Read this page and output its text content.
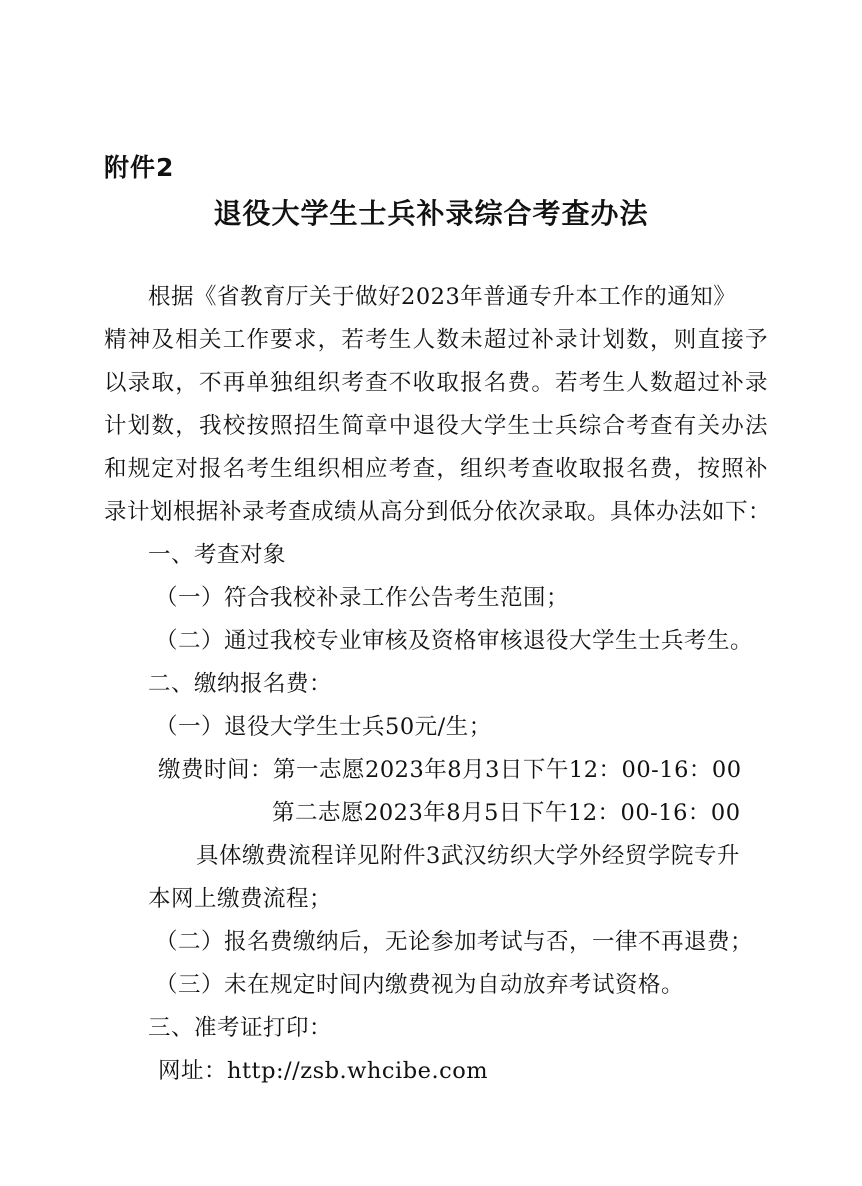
附件2
退役大学生士兵补录综合考查办法
根据《省教育厅关于做好2023年普通专升本工作的通知》
精神及相关工作要求，若考生人数未超过补录计划数，则直接予
以录取，不再单独组织考查不收取报名费。若考生人数超过补录
计划数，我校按照招生简章中退役大学生士兵综合考查有关办法
和规定对报名考生组织相应考查，组织考查收取报名费，按照补
录计划根据补录考查成绩从高分到低分依次录取。具体办法如下：
一、考查对象
（一）符合我校补录工作公告考生范围；
（二）通过我校专业审核及资格审核退役大学生士兵考生。
二、缴纳报名费：
（一）退役大学生士兵50元/生；
缴费时间：第一志愿2023年8月3日下午12：00-16：00
第二志愿2023年8月5日下午12：00-16：00
具体缴费流程详见附件3武汉纺织大学外经贸学院专升
本网上缴费流程；
（二）报名费缴纳后，无论参加考试与否，一律不再退费；
（三）未在规定时间内缴费视为自动放弃考试资格。
三、准考证打印：
网址：http://zsb.whcibe.com
